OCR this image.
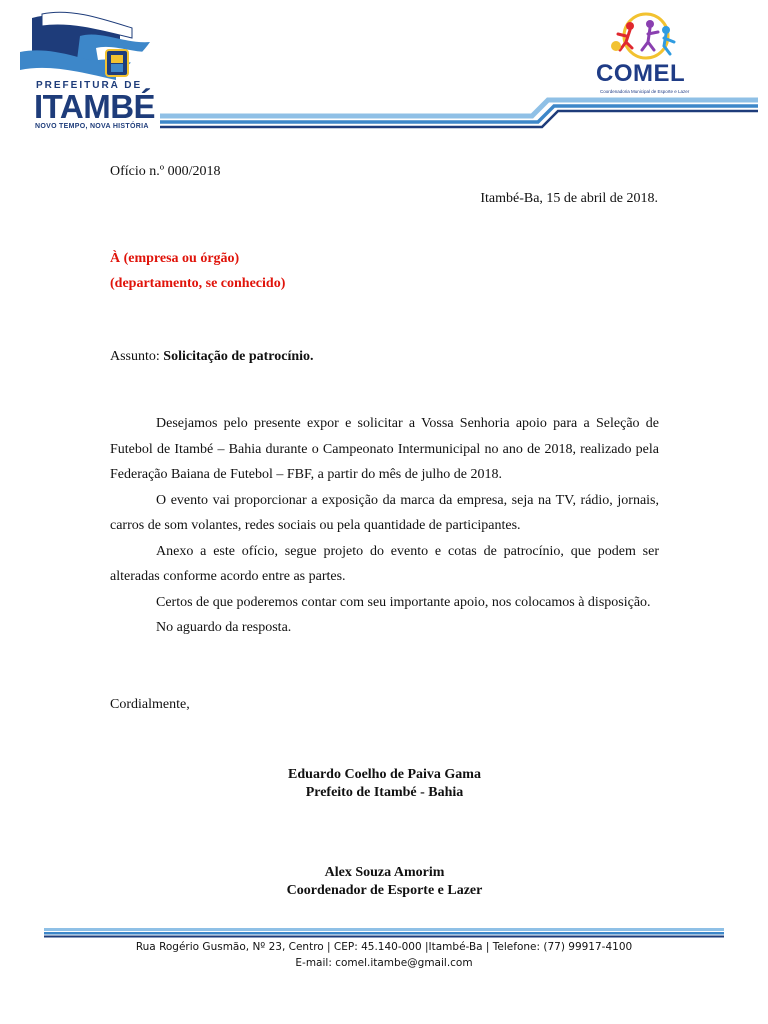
PREFEITURA DE
ITAMBÉ
NOVO TEMPO, NOVA HISTÓRIA
COMEL
Coordenadoria Municipal de Esporte e Lazer
Ofício n.º 000/2018
Itambé-Ba, 15 de abril de 2018.
À (empresa ou órgão)
(departamento, se conhecido)
Assunto: Solicitação de patrocínio.

Desejamos pelo presente expor e solicitar a Vossa Senhoria apoio para a Seleção de Futebol de Itambé – Bahia durante o Campeonato Intermunicipal no ano de 2018, realizado pela Federação Baiana de Futebol – FBF, a partir do mês de julho de 2018.

O evento vai proporcionar a exposição da marca da empresa, seja na TV, rádio, jornais, carros de som volantes, redes sociais ou pela quantidade de participantes.

Anexo a este ofício, segue projeto do evento e cotas de patrocínio, que podem ser alteradas conforme acordo entre as partes.

Certos de que poderemos contar com seu importante apoio, nos colocamos à disposição.

No aguardo da resposta.

Cordialmente,
Eduardo Coelho de Paiva Gama
Prefeito de Itambé - Bahia
Alex Souza Amorim
Coordenador de Esporte e Lazer
Rua Rogério Gusmão, Nº 23, Centro | CEP: 45.140-000 |Itambé-Ba | Telefone: (77) 99917-4100
E-mail: comel.itambe@gmail.com
